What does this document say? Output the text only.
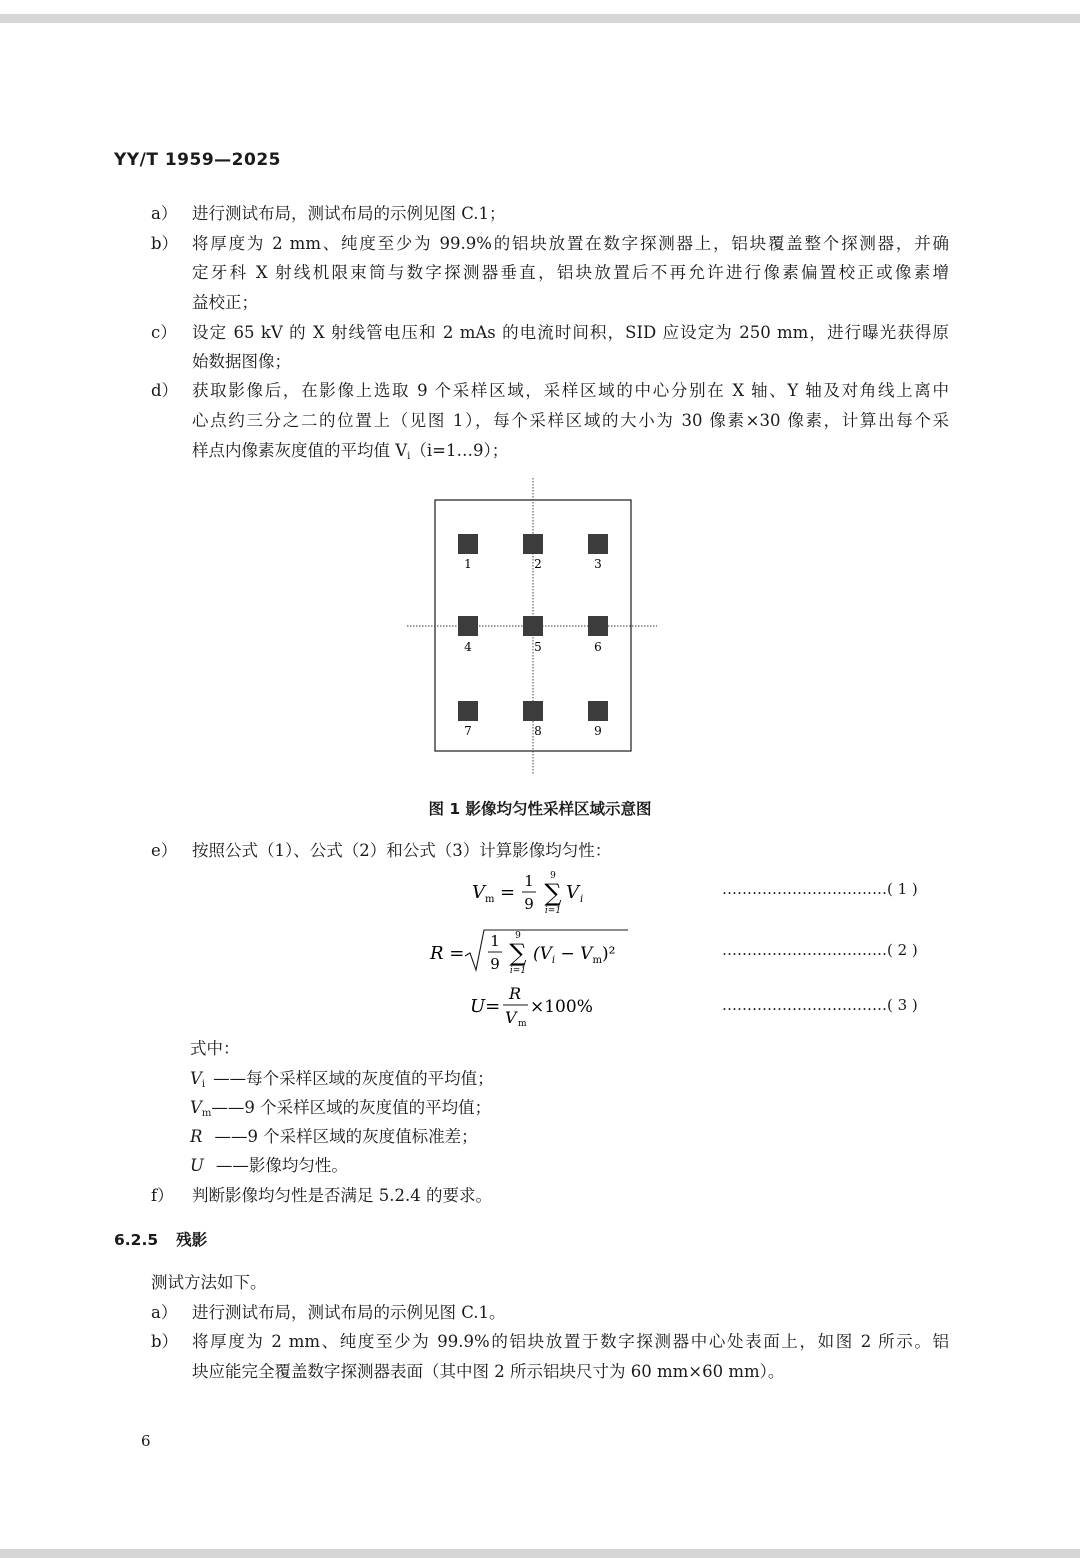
YY/T 1959—2025
a） 进行测试布局，测试布局的示例见图 C.1；
b） 将厚度为 2 mm、纯度至少为 99.9%的铝块放置在数字探测器上，铝块覆盖整个探测器，并确
定牙科 X 射线机限束筒与数字探测器垂直，铝块放置后不再允许进行像素偏置校正或像素增
益校正；
c） 设定 65 kV 的 X 射线管电压和 2 mAs 的电流时间积，SID 应设定为 250 mm，进行曝光获得原
始数据图像；
d） 获取影像后，在影像上选取 9 个采样区域，采样区域的中心分别在 X 轴、Y 轴及对角线上离中
心点约三分之二的位置上（见图 1），每个采样区域的大小为 30 像素×30 像素，计算出每个采
样点内像素灰度值的平均值 $V_i(i=1\dots 9)$；
1	2	3
4	5	6
7	8	9
图 1 影像均匀性采样区域示意图
e） 按照公式（1）、公式（2）和公式（3）计算影像均匀性：
V m =
1
9
9
∑
i=1
V i
R =
1
9
9
∑
i=1
$(V_i - V_m)^2$
U=
R
V m
×100%
……………………………( 1 )
……………………………( 2 )
……………………………( 3 )
式中：
$V_i$ ——每个采样区域的灰度值的平均值；
$V_m——9$ 个采样区域的灰度值的平均值；
R ——9 个采样区域的灰度值标准差；
U ——影像均匀性。
f） 判断影像均匀性是否满足 5.2.4 的要求。
6.2.5 残影
测试方法如下。
a） 进行测试布局，测试布局的示例见图 C.1。
b） 将厚度为 2 mm、纯度至少为 99.9%的铝块放置于数字探测器中心处表面上，如图 2 所示。铝
块应能完全覆盖数字探测器表面（其中图 2 所示铝块尺寸为 60 mm×60 mm）。
6
